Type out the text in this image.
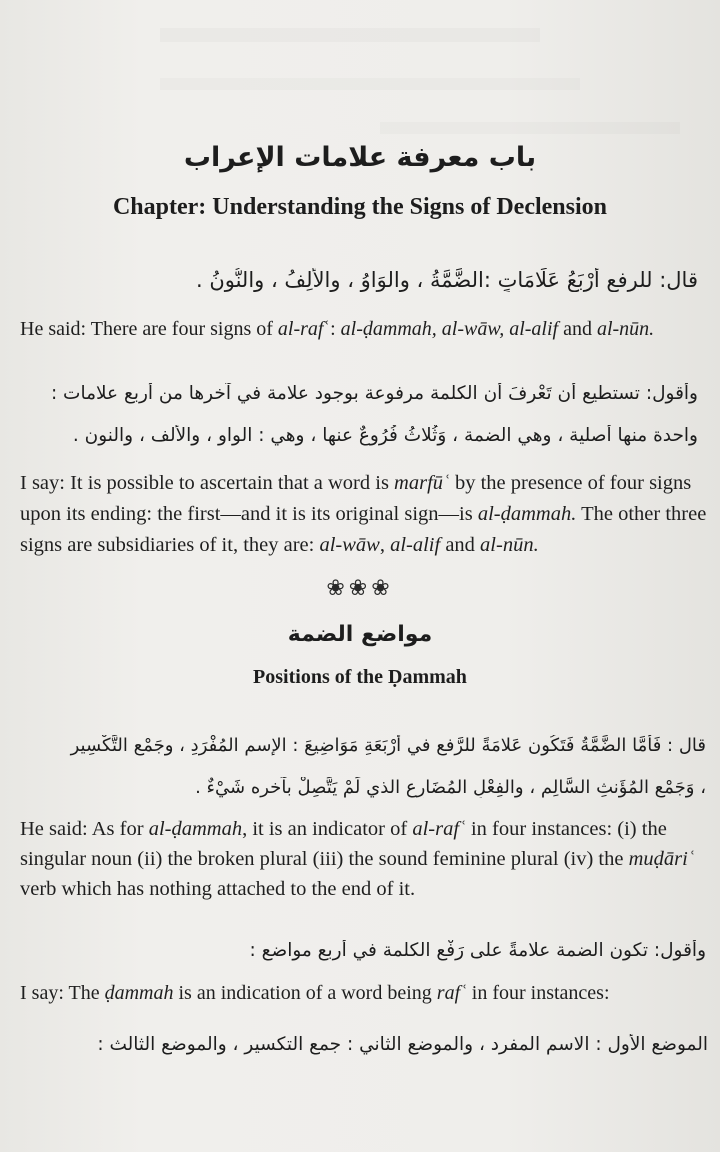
باب معرفة علامات الإعراب
Chapter: Understanding the Signs of Declension
قال: للرفع أَرْبَعُ عَلَامَاتٍ :الضَّمَّةُ ، والوَاوُ ، والألِفُ ، والنُّونُ .
He said: There are four signs of al-rafʿ: al-ḍammah, al-wāw, al-alif and al-nūn.
وأقول: تستطيع أن تَعْرِفَ أن الكلمة مرفوعة بوجود علامة في آخرها من أربع علامات :
واحدة منها أصلية ، وهي الضمة ، وَثُلاثُ فُرُوعٌ عنها ، وهي : الواو ، والألف ، والنون .
I say: It is possible to ascertain that a word is marfūʿ by the presence of four signs upon its ending: the first—and it is its original sign—is al-ḍammah. The other three signs are subsidiaries of it, they are: al-wāw, al-alif and al-nūn.
❀❀❀
مواضع الضمة
Positions of the Ḍammah
قال : فَأَمَّا الضَّمَّةُ فَتَكُون عَلامَةً للرَّفع في أَرْبَعَةِ مَوَاضِيعَ : الإسمِ المُفْرَدِ ، وجَمْعِ التَّكْسِيرِ
، وَجَمْعِ المُؤَنثِ السَّالِمِ ، والفِعْلِ المُضَارِعِ الذي لَمْ يَتَّصِلْ بآخره شَيْءٌ .
He said: As for al-ḍammah, it is an indicator of al-rafʿ in four instances: (i) the singular noun (ii) the broken plural (iii) the sound feminine plural (iv) the muḍāriʿ verb which has nothing attached to the end of it.
وأقول: تكون الضمة علامةً على رَفْعِ الكلمة في أربع مواضع :
I say: The ḍammah is an indication of a word being rafʿ in four instances:
الموضع الأول : الاسم المفرد ، والموضع الثاني : جمع التكسير ، والموضع الثالث :
